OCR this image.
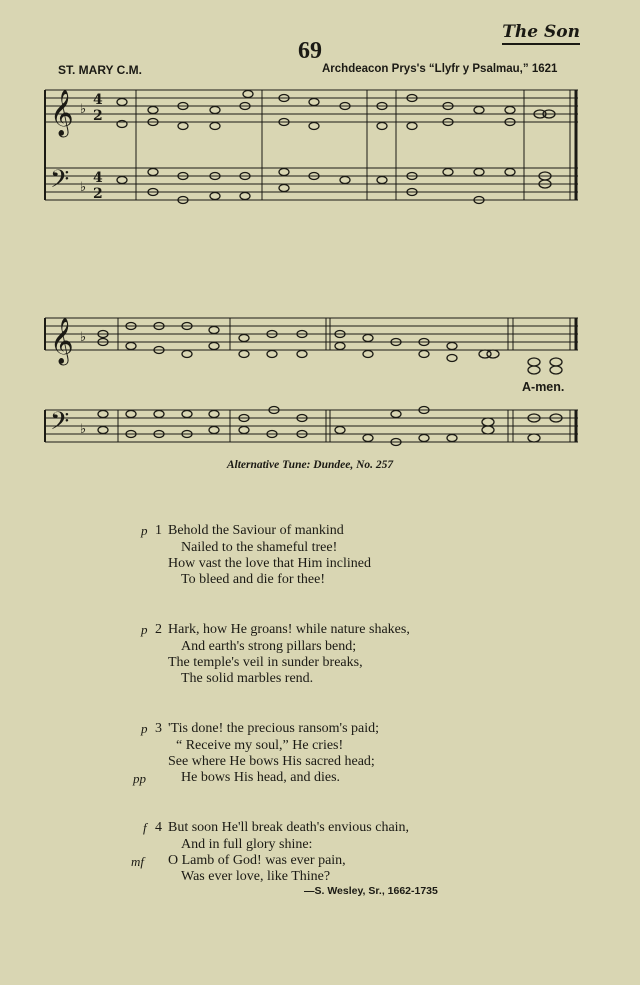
The Son
69
ST. MARY C.M.	Archdeacon Prys's “Llyfr y Psalmau,” 1621
𝄞
𝄢
♭
♭
4
2
4
2
𝄞
𝄢
♭
♭
A-men.
Alternative Tune: Dundee, No. 257
p 1 Behold the Saviour of mankind
Nailed to the shameful tree!
How vast the love that Him inclined
To bleed and die for thee!
p 2 Hark, how He groans! while nature shakes,
And earth's strong pillars bend;
The temple's veil in sunder breaks,
The solid marbles rend.
p 3 'Tis done! the precious ransom's paid;
“ Receive my soul,” He cries!
See where He bows His sacred head;
pp	He bows His head, and dies.
f 4 But soon He'll break death's envious chain,
And in full glory shine:
mf O Lamb of God! was ever pain,
Was ever love, like Thine?
—S. Wesley, Sr., 1662-1735
